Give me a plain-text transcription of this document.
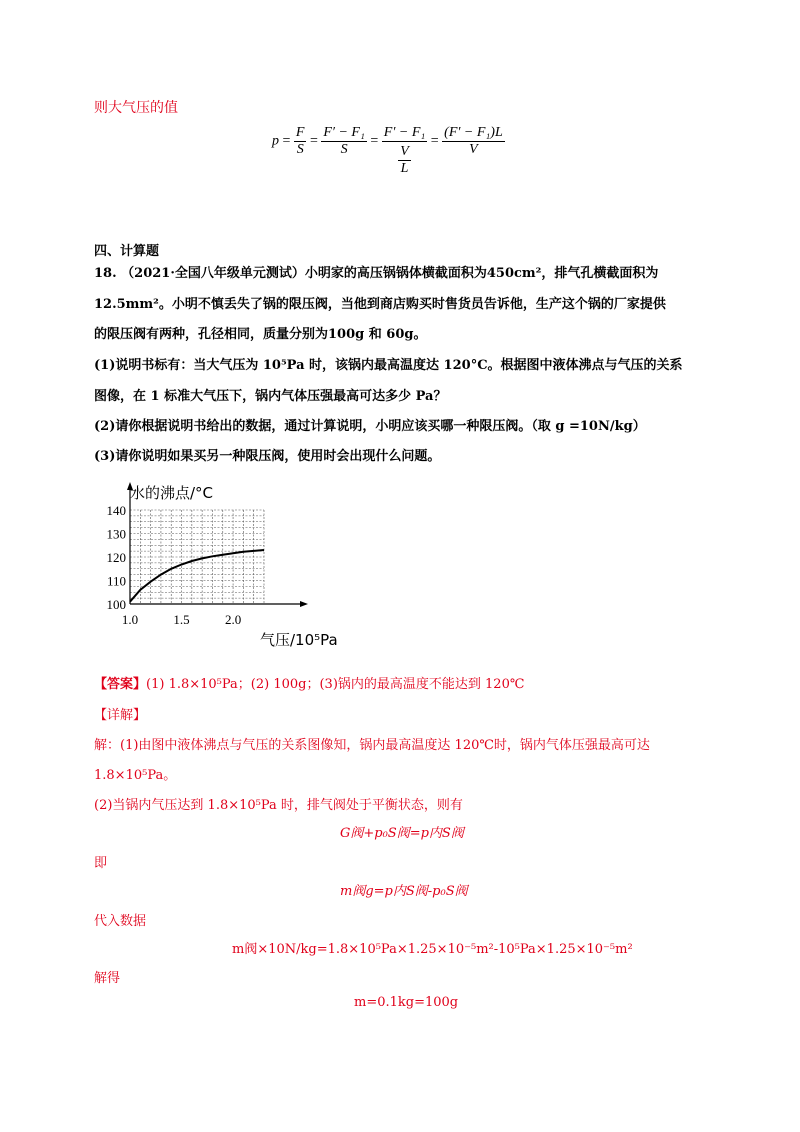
则大气压的值
$p = \frac{F}{S} = \frac{\text{F′ − F₁}}{S} = \frac{\text{F′ − F₁}}{\frac{V}{L}} = \frac{\text{(F′ − F₁)L}}{V}$
四、计算题
18. （2021·全国八年级单元测试）小明家的高压锅锅体横截面积为450cm²，排气孔横截面积为
12.5mm²。小明不慎丢失了锅的限压阀，当他到商店购买时售货员告诉他，生产这个锅的厂家提供
的限压阀有两种，孔径相同，质量分别为100g 和 60g。
(1)说明书标有：当大气压为 10⁵Pa 时，该锅内最高温度达 120°C。根据图中液体沸点与气压的关系
图像，在 1 标准大气压下，锅内气体压强最高可达多少 Pa？
(2)请你根据说明书给出的数据，通过计算说明，小明应该买哪一种限压阀。（取 g =10N/kg）
(3)请你说明如果买另一种限压阀，使用时会出现什么问题。
140
130
120
110
100
1.0	1.5	2.0
水的沸点/°C
气压/10⁵Pa
【答案】(1) 1.8×10⁵Pa；(2) 100g；(3)锅内的最高温度不能达到 120℃
【详解】
解：(1)由图中液体沸点与气压的关系图像知，锅内最高温度达 120℃时，锅内气体压强最高可达
1.8×10⁵Pa。
(2)当锅内气压达到 1.8×10⁵Pa 时，排气阀处于平衡状态，则有
G阀+p₀S阀=p内S阀
即
m阀g=p内S阀-p₀S阀
代入数据
m阀×10N/kg=1.8×10⁵Pa×1.25×10⁻⁵m²-10⁵Pa×1.25×10⁻⁵m²
解得
m=0.1kg=100g
